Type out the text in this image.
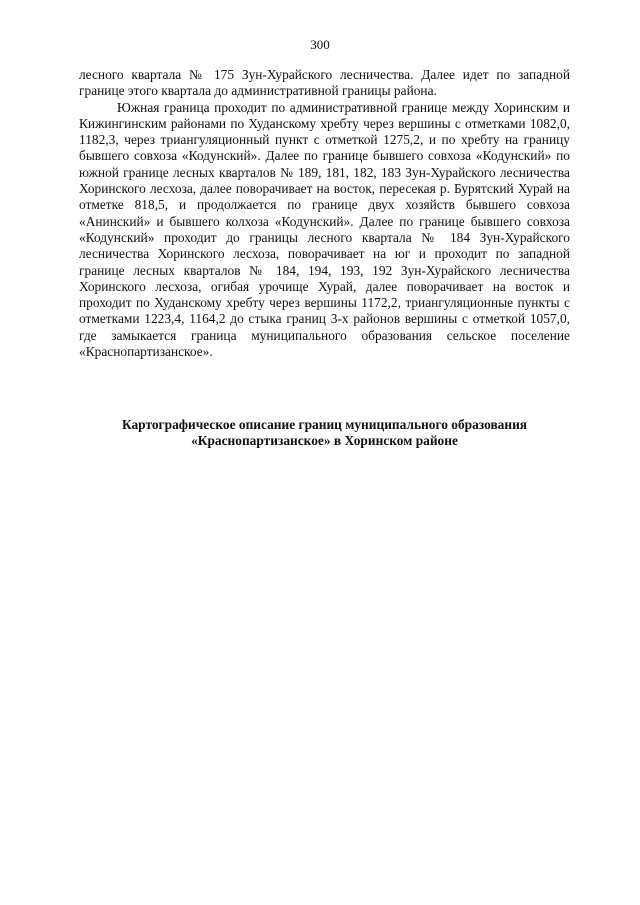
300

лесного квартала № 175 Зун-Хурайского лесничества. Далее идет по западной границе этого квартала до административной границы района.

Южная граница проходит по административной границе между Хоринским и Кижингинским районами по Худанскому хребту через вершины с отметками 1082,0, 1182,3, через триангуляционный пункт с отметкой 1275,2, и по хребту на границу бывшего совхоза «Кодунский». Далее по границе бывшего совхоза «Кодунский» по южной границе лесных кварталов № 189, 181, 182, 183 Зун-Хурайского лесничества Хоринского лесхоза, далее поворачивает на восток, пересекая р. Бурятский Хурай на отметке 818,5, и продолжается по границе двух хозяйств бывшего совхоза «Анинский» и бывшего колхоза «Кодунский». Далее по границе бывшего совхоза «Кодунский» проходит до границы лесного квартала № 184 Зун-Хурайского лесничества Хоринского лесхоза, поворачивает на юг и проходит по западной границе лесных кварталов № 184, 194, 193, 192 Зун-Хурайского лесничества Хоринского лесхоза, огибая урочище Хурай, далее поворачивает на восток и проходит по Худанскому хребту через вершины 1172,2, триангуляционные пункты с отметками 1223,4, 1164,2 до стыка границ 3-х районов вершины с отметкой 1057,0, где замыкается граница муниципального образования сельское поселение «Краснопартизанское».

Картографическое описание границ муниципального образования
«Краснопартизанское» в Хоринском районе
